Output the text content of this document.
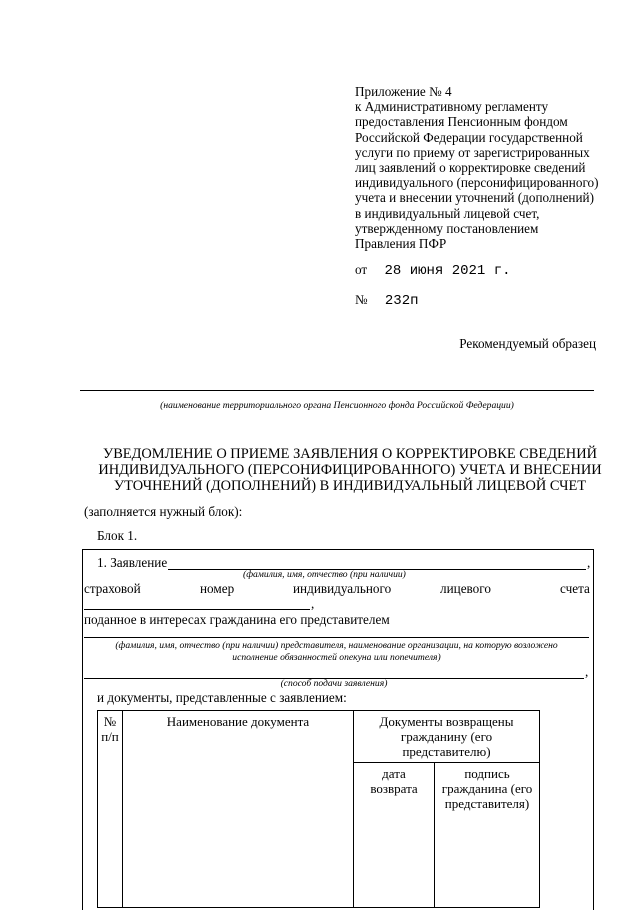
Приложение № 4
к Административному регламенту
предоставления Пенсионным фондом
Российской Федерации государственной
услуги по приему от зарегистрированных
лиц заявлений о корректировке сведений
индивидуального (персонифицированного)
учета и внесении уточнений (дополнений)
в индивидуальный лицевой счет,
утвержденному постановлением
Правления ПФР
от 28 июня 2021 г.
№ 232п
Рекомендуемый образец
(наименование территориального органа Пенсионного фонда Российской Федерации)
УВЕДОМЛЕНИЕ О ПРИЕМЕ ЗАЯВЛЕНИЯ О КОРРЕКТИРОВКЕ СВЕДЕНИЙ
ИНДИВИДУАЛЬНОГО (ПЕРСОНИФИЦИРОВАННОГО) УЧЕТА И ВНЕСЕНИИ
УТОЧНЕНИЙ (ДОПОЛНЕНИЙ) В ИНДИВИДУАЛЬНЫЙ ЛИЦЕВОЙ СЧЕТ
(заполняется нужный блок):
Блок 1.
1. Заявление	,
(фамилия, имя, отчество (при наличии)
страховой	номер	индивидуального	лицевого	счета
,
поданное в интересах гражданина его представителем
(фамилия, имя, отчество (при наличии) представителя, наименование организации, на которую возложено
исполнение обязанностей опекуна или попечителя)
,
(способ подачи заявления)
и документы, представленные с заявлением:
№
п/п	Наименование документа	Документы возвращены гражданину (его представителю)	
		дата возврата	подпись гражданина (его представителя)
